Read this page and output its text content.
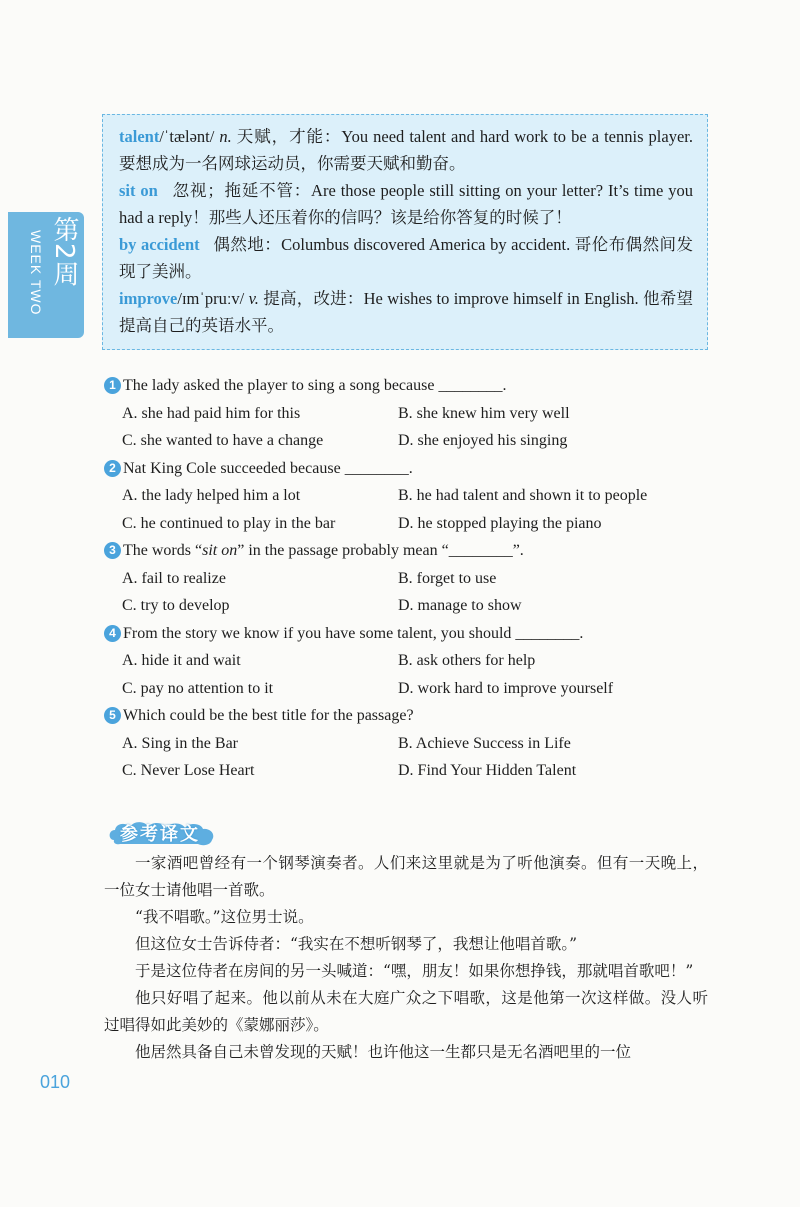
第2周
WEEK TWO

talent/ˈtælənt/ n. 天赋，才能：You need talent and hard work to be a tennis player. 要想成为一名网球运动员，你需要天赋和勤奋。

sit on   忽视；拖延不管：Are those people still sitting on your letter? It’s time you had a reply！那些人还压着你的信吗？该是给你答复的时候了！

by accident   偶然地：Columbus discovered America by accident. 哥伦布偶然间发现了美洲。

improve/ɪmˈpruːv/ v. 提高，改进：He wishes to improve himself in English. 他希望提高自己的英语水平。

1 The lady asked the player to sing a song because ________.
A. she had paid him for this	B. she knew him very well
C. she wanted to have a change	D. she enjoyed his singing
2 Nat King Cole succeeded because ________.
A. the lady helped him a lot	B. he had talent and shown it to people
C. he continued to play in the bar	D. he stopped playing the piano
3 The words “sit on” in the passage probably mean “________”.
A. fail to realize	B. forget to use
C. try to develop	D. manage to show
4 From the story we know if you have some talent, you should ________.
A. hide it and wait	B. ask others for help
C. pay no attention to it	D. work hard to improve yourself
5 Which could be the best title for the passage?
A. Sing in the Bar	B. Achieve Success in Life
C. Never Lose Heart	D. Find Your Hidden Talent
参考译文

一家酒吧曾经有一个钢琴演奏者。人们来这里就是为了听他演奏。但有一天晚上，一位女士请他唱一首歌。

“我不唱歌。”这位男士说。

但这位女士告诉侍者：“我实在不想听钢琴了，我想让他唱首歌。”

于是这位侍者在房间的另一头喊道：“嘿，朋友！如果你想挣钱，那就唱首歌吧！”

他只好唱了起来。他以前从未在大庭广众之下唱歌，这是他第一次这样做。没人听过唱得如此美妙的《蒙娜丽莎》。

他居然具备自己未曾发现的天赋！也许他这一生都只是无名酒吧里的一位

010
